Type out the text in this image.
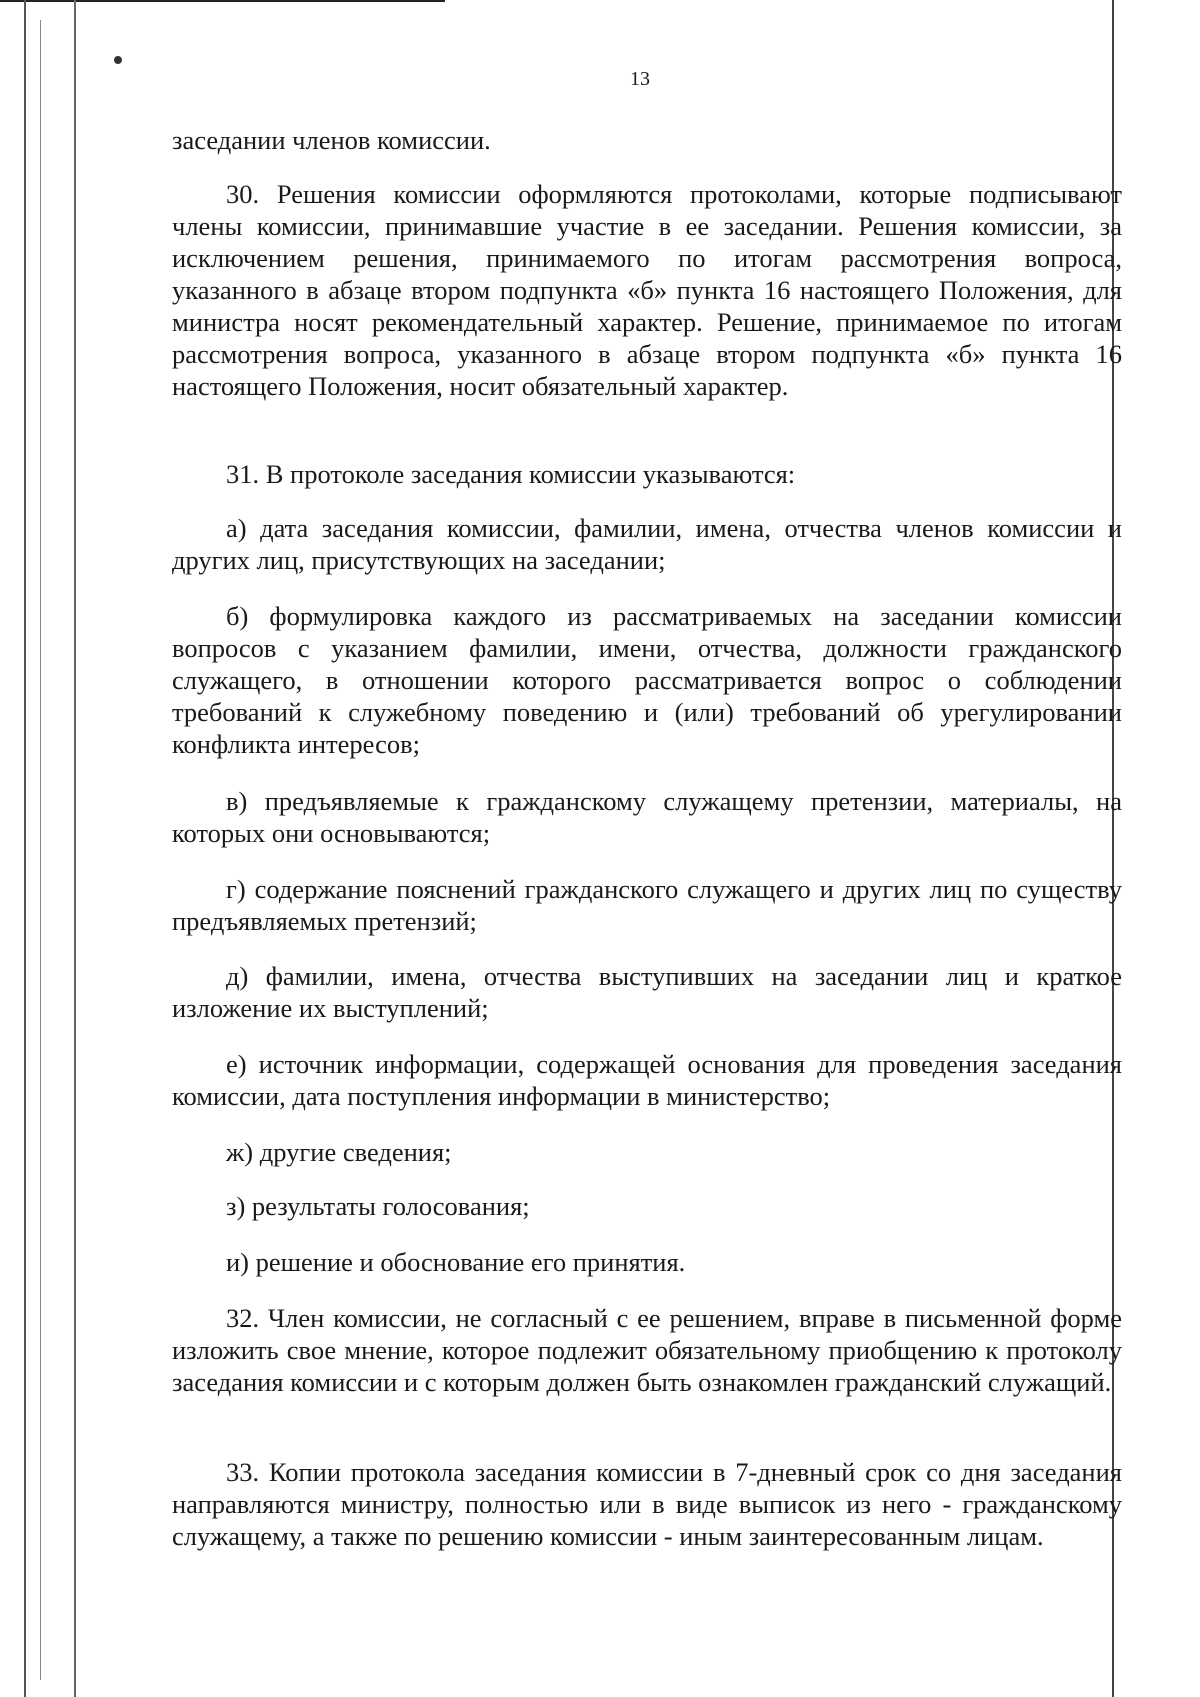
13

заседании членов комиссии.

30. Решения комиссии оформляются протоколами, которые подписывают члены комиссии, принимавшие участие в ее заседании. Решения комиссии, за исключением решения, принимаемого по итогам рассмотрения вопроса, указанного в абзаце втором подпункта «б» пункта 16 настоящего Положения, для министра носят рекомендательный характер. Решение, принимаемое по итогам рассмотрения вопроса, указанного в абзаце втором подпункта «б» пункта 16 настоящего Положения, носит обязательный характер.

31. В протоколе заседания комиссии указываются:

а) дата заседания комиссии, фамилии, имена, отчества членов комиссии и других лиц, присутствующих на заседании;

б) формулировка каждого из рассматриваемых на заседании комиссии вопросов с указанием фамилии, имени, отчества, должности гражданского служащего, в отношении которого рассматривается вопрос о соблюдении требований к служебному поведению и (или) требований об урегулировании конфликта интересов;

в) предъявляемые к гражданскому служащему претензии, материалы, на которых они основываются;

г) содержание пояснений гражданского служащего и других лиц по существу предъявляемых претензий;

д) фамилии, имена, отчества выступивших на заседании лиц и краткое изложение их выступлений;

е) источник информации, содержащей основания для проведения заседания комиссии, дата поступления информации в министерство;

ж) другие сведения;

з) результаты голосования;

и) решение и обоснование его принятия.

32. Член комиссии, не согласный с ее решением, вправе в письменной форме изложить свое мнение, которое подлежит обязательному приобщению к протоколу заседания комиссии и с которым должен быть ознакомлен гражданский служащий.

33. Копии протокола заседания комиссии в 7-дневный срок со дня заседания направляются министру, полностью или в виде выписок из него - гражданскому служащему, а также по решению комиссии - иным заинтересованным лицам.
